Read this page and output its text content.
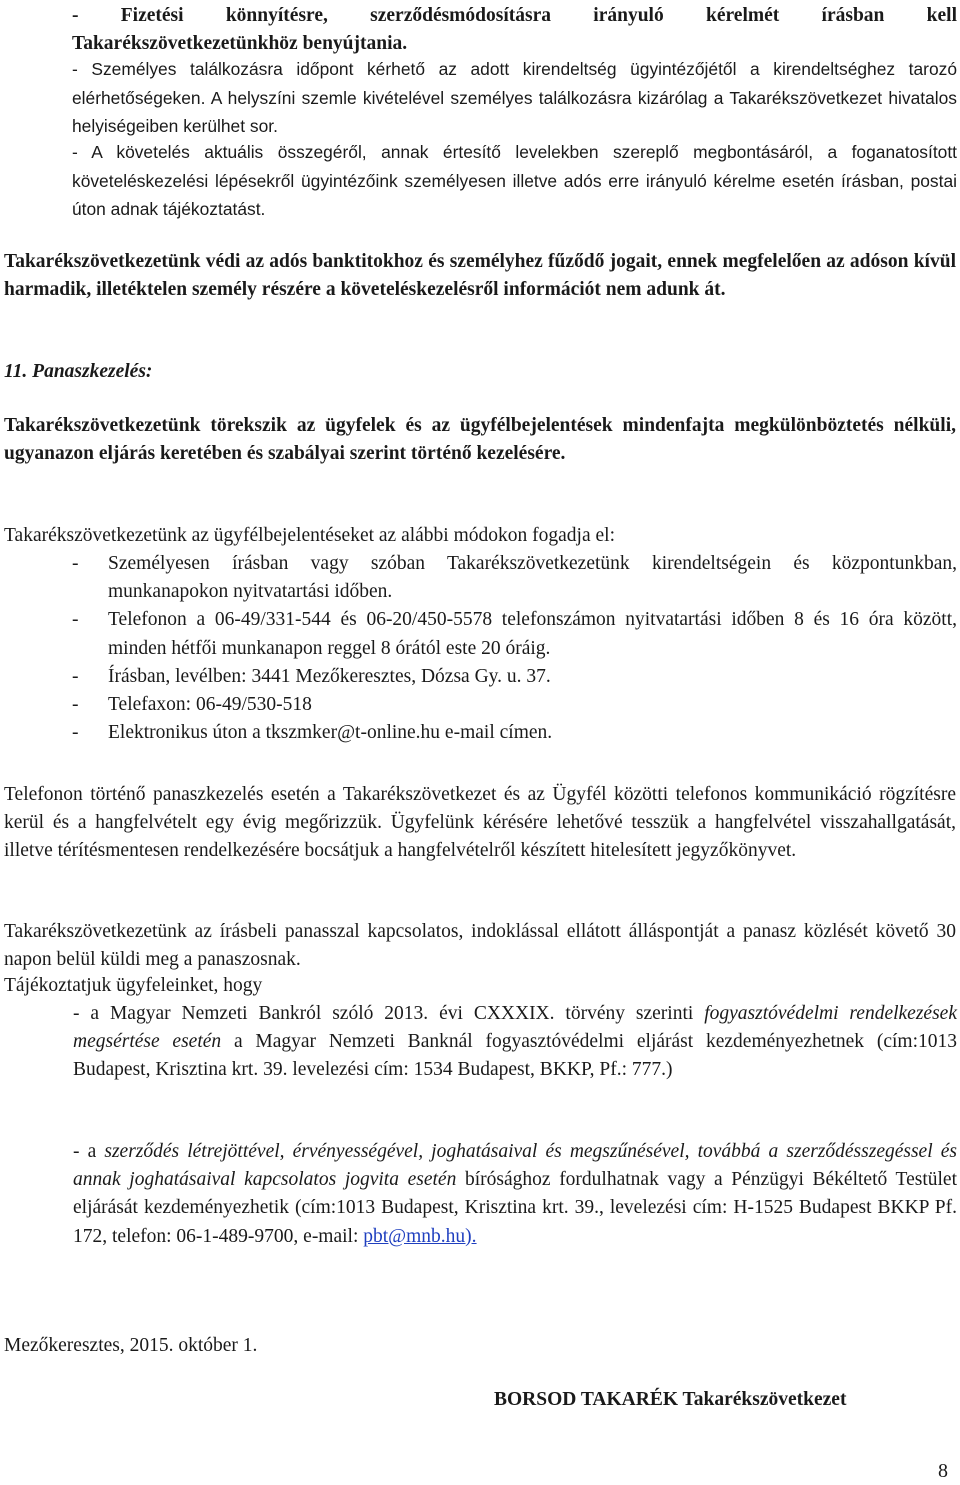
- Fizetési könnyítésre, szerződésmódosításra irányuló kérelmét írásban kell

Takarékszövetkezetünkhöz benyújtania.

- Személyes találkozásra időpont kérhető az adott kirendeltség ügyintézőjétől a kirendeltséghez tarozó elérhetőségeken. A helyszíni szemle kivételével személyes találkozásra kizárólag a Takarékszövetkezet hivatalos helyiségeiben kerülhet sor.

- A követelés aktuális összegéről, annak értesítő levelekben szereplő megbontásáról, a foganatosított követeléskezelési lépésekről ügyintézőink személyesen illetve adós erre irányuló kérelme esetén írásban, postai úton adnak tájékoztatást.

Takarékszövetkezetünk védi az adós banktitokhoz és személyhez fűződő jogait, ennek megfelelően az adóson kívül harmadik, illetéktelen személy részére a követeléskezelésről információt nem adunk át.

11. Panaszkezelés:

Takarékszövetkezetünk törekszik az ügyfelek és az ügyfélbejelentések mindenfajta megkülönböztetés nélküli, ugyanazon eljárás keretében és szabályai szerint történő kezelésére.

Takarékszövetkezetünk az ügyfélbejelentéseket az alábbi módokon fogadja el:

- Személyesen írásban vagy szóban Takarékszövetkezetünk kirendeltségein és központunkban, munkanapokon nyitvatartási időben.
- Telefonon a 06-49/331-544 és 06-20/450-5578 telefonszámon nyitvatartási időben 8 és 16 óra között, minden hétfői munkanapon reggel 8 órától este 20 óráig.
- Írásban, levélben: 3441 Mezőkeresztes, Dózsa Gy. u. 37.
- Telefaxon: 06-49/530-518
- Elektronikus úton a tkszmker@t-online.hu e-mail címen.

Telefonon történő panaszkezelés esetén a Takarékszövetkezet és az Ügyfél közötti telefonos kommunikáció rögzítésre kerül és a hangfelvételt egy évig megőrizzük. Ügyfelünk kérésére lehetővé tesszük a hangfelvétel visszahallgatását, illetve térítésmentesen rendelkezésére bocsátjuk a hangfelvételről készített hitelesített jegyzőkönyvet.

Takarékszövetkezetünk az írásbeli panasszal kapcsolatos, indoklással ellátott álláspontját a panasz közlését követő 30 napon belül küldi meg a panaszosnak.

Tájékoztatjuk ügyfeleinket, hogy

- a Magyar Nemzeti Bankról szóló 2013. évi CXXXIX. törvény szerinti fogyasztóvédelmi rendelkezések megsértése esetén a Magyar Nemzeti Banknál fogyasztóvédelmi eljárást kezdeményezhetnek (cím:1013 Budapest, Krisztina krt. 39. levelezési cím: 1534 Budapest, BKKP, Pf.: 777.)

- a szerződés létrejöttével, érvényességével, joghatásaival és megszűnésével, továbbá a szerződésszegéssel és annak joghatásaival kapcsolatos jogvita esetén bírósághoz fordulhatnak vagy a Pénzügyi Békéltető Testület eljárását kezdeményezhetik (cím:1013 Budapest, Krisztina krt. 39., levelezési cím: H-1525 Budapest BKKP Pf. 172, telefon: 06-1-489-9700, e-mail: pbt@mnb.hu).

Mezőkeresztes, 2015. október 1.

BORSOD TAKARÉK Takarékszövetkezet

8
